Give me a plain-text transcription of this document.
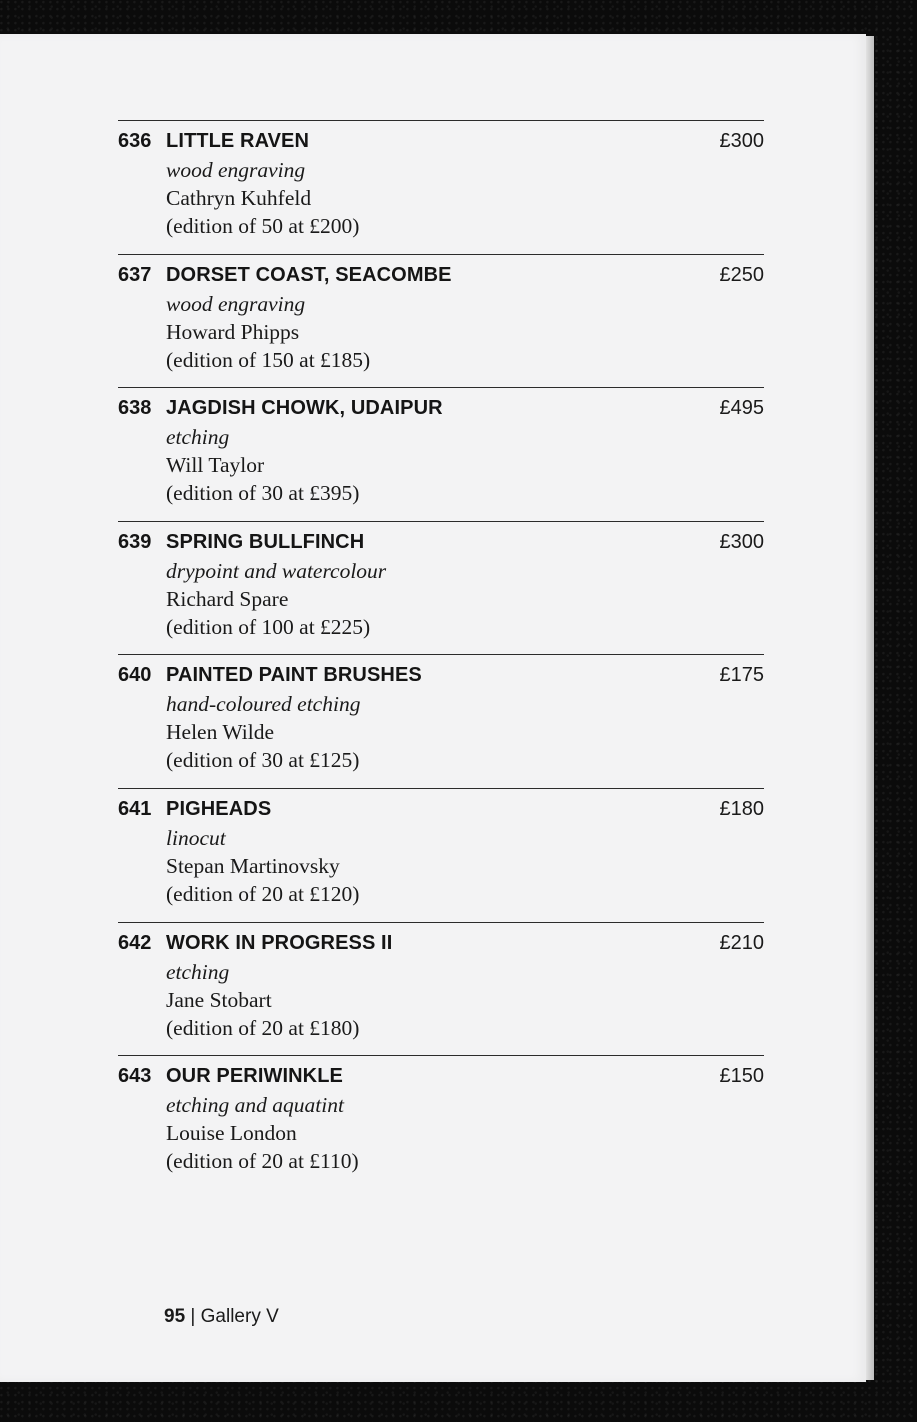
636 LITTLE RAVEN	£300
wood engraving
Cathryn Kuhfeld
(edition of 50 at £200)
637 DORSET COAST, SEACOMBE	£250
wood engraving
Howard Phipps
(edition of 150 at £185)
638 JAGDISH CHOWK, UDAIPUR	£495
etching
Will Taylor
(edition of 30 at £395)
639 SPRING BULLFINCH	£300
drypoint and watercolour
Richard Spare
(edition of 100 at £225)
640 PAINTED PAINT BRUSHES	£175
hand-coloured etching
Helen Wilde
(edition of 30 at £125)
641 PIGHEADS	£180
linocut
Stepan Martinovsky
(edition of 20 at £120)
642 WORK IN PROGRESS II	£210
etching
Jane Stobart
(edition of 20 at £180)
643 OUR PERIWINKLE	£150
etching and aquatint
Louise London
(edition of 20 at £110)
95 | Gallery V
